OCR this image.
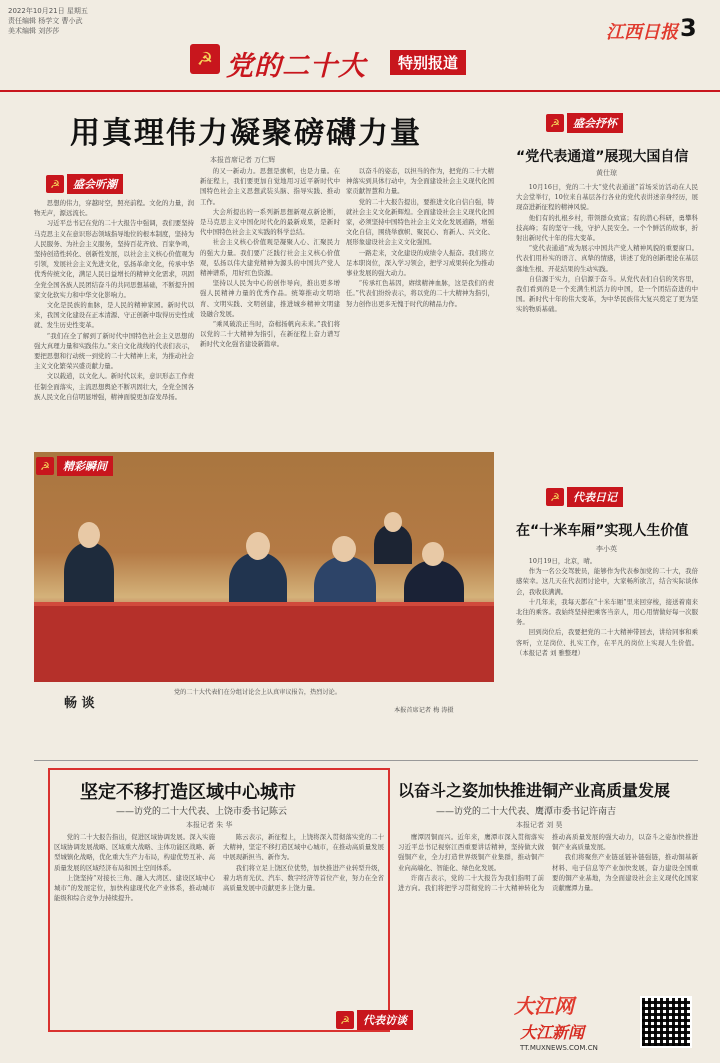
2022年10月21日 星期五
责任编辑 杨学文 曹小武
美术编辑 刘莎莎
☭ 党的二十大	特别报道
江西日报 3
用真理伟力凝聚磅礴力量
本报首席记者 万仁辉
☭	盛会听潮

思想的伟力，穿越时空，照亮前程。文化的力量，润物无声，源远流长。

习近平总书记在党的二十大报告中强调，我们要坚持马克思主义在意识形态领域指导地位的根本制度，坚持为人民服务、为社会主义服务，坚持百花齐放、百家争鸣，坚持创造性转化、创新性发展，以社会主义核心价值观为引领，发展社会主义先进文化，弘扬革命文化，传承中华优秀传统文化，满足人民日益增长的精神文化需求，巩固全党全国各族人民团结奋斗的共同思想基础，不断提升国家文化软实力和中华文化影响力。

文化是民族的血脉，是人民的精神家园。新时代以来，我国文化建设在正本清源、守正创新中取得历史性成就、发生历史性变革。

“我们在全了解到了新时代中国特色社会主义思想的强大真理力量和实践伟力。”来自文化战线的代表们表示，要把思想和行动统一到党的二十大精神上来，为推动社会主义文化繁荣兴盛贡献力量。

文以载道，以文化人。新时代以来，意识形态工作责任制全面落实，主流思想舆论不断巩固壮大，全党全国各族人民文化自信明显增强，精神面貌更加奋发昂扬。

的又一新动力。思想是旗帜，也是力量。在新征程上，我们要更加自觉地用习近平新时代中国特色社会主义思想武装头脑、指导实践、推动工作。

大会所提出的一系列新思想新观点新论断，是马克思主义中国化时代化的最新成果，是新时代中国特色社会主义实践的科学总结。

社会主义核心价值观是凝聚人心、汇聚民力的强大力量。我们要广泛践行社会主义核心价值观，弘扬以伟大建党精神为源头的中国共产党人精神谱系，用好红色资源。

坚持以人民为中心的创作导向，推出更多增强人民精神力量的优秀作品。统筹推动文明培育、文明实践、文明创建，推进城乡精神文明建设融合发展。

“乘风破浪正当时，奋楫扬帆向未来。”我们将以党的二十大精神为指引，在新征程上奋力谱写新时代文化强省建设新篇章。

以奋斗的姿态，以担当的作为，把党的二十大精神落实到具体行动中，为全面建设社会主义现代化国家贡献智慧和力量。

党的二十大报告提出，要推进文化自信自强，铸就社会主义文化新辉煌。全面建设社会主义现代化国家，必须坚持中国特色社会主义文化发展道路，增强文化自信，围绕举旗帜、聚民心、育新人、兴文化、展形象建设社会主义文化强国。

一路走来，文化建设的成绩令人振奋。我们将立足本职岗位，深入学习领会，把学习成果转化为推动事业发展的强大动力。

“传承红色基因，赓续精神血脉，这是我们的责任。”代表们纷纷表示，将以党的二十大精神为指引，努力创作出更多无愧于时代的精品力作。

☭	盛会抒怀
“党代表通道”展现大国自信
黄仕琼

10月16日，党的二十大“党代表通道”首场采访活动在人民大会堂举行，10位来自基层各行各业的党代表讲述亲身经历，展现奋进新征程的精神风貌。

他们有的扎根乡村，带领群众致富；有的潜心科研，勇攀科技高峰；有的坚守一线，守护人民安全。一个个鲜活的故事，折射出新时代十年的伟大变革。

“党代表通道”成为展示中国共产党人精神风貌的重要窗口。代表们用朴实的语言、真挚的情感，讲述了党的创新理论在基层落地生根、开花结果的生动实践。

自信源于实力，自信源于奋斗。从党代表们自信的笑容里，我们看到的是一个充满生机活力的中国，是一个团结奋进的中国。新时代十年的伟大变革，为中华民族伟大复兴奠定了更为坚实的物质基础。

☭	代表日记
在“十米车厢”实现人生价值
李小英

10月19日，北京，晴。

作为一名公交驾驶员，能够作为代表参加党的二十大，我倍感荣幸。这几天在代表团讨论中，大家畅所欲言，结合实际谈体会，我收获满满。

十几年来，我每天都在“十米车厢”里来回穿梭，接送着南来北往的乘客。我始终坚持把乘客当亲人，用心用情做好每一次服务。

回到岗位后，我要把党的二十大精神带回去，讲给同事和乘客听，立足岗位、扎实工作，在平凡的岗位上实现人生价值。（本报记者 刘 雅整理）

☭	精彩瞬间
畅 谈
党的二十大代表们在分组讨论会上认真审议报告，热烈讨论。
本报首席记者 梅 涛摄
坚定不移打造区域中心城市
——访党的二十大代表、上饶市委书记陈云
本报记者 朱 华

党的二十大报告指出，促进区域协调发展。深入实施区域协调发展战略、区域重大战略、主体功能区战略、新型城镇化战略，优化重大生产力布局，构建优势互补、高质量发展的区域经济布局和国土空间体系。

上饶坚持“对接长三角、融入大湾区、建设区域中心城市”的发展定位，加快构建现代化产业体系，推动城市能级和综合竞争力持续提升。

陈云表示，新征程上，上饶将深入贯彻落实党的二十大精神，坚定不移打造区域中心城市，在推动高质量发展中展现新担当、新作为。

我们将立足上饶区位优势，加快推进产业转型升级，着力培育光伏、汽车、数字经济等首位产业，努力在全省高质量发展中贡献更多上饶力量。

☭	代表访谈
以奋斗之姿加快推进铜产业高质量发展
——访党的二十大代表、鹰潭市委书记许南吉
本报记者 刘 昊

鹰潭因铜而兴。近年来，鹰潭市深入贯彻落实习近平总书记视察江西重要讲话精神，坚持做大做强铜产业，全力打造世界级铜产业集群，推动铜产业向高端化、智能化、绿色化发展。

许南吉表示，党的二十大报告为我们指明了前进方向。我们将把学习贯彻党的二十大精神转化为推动高质量发展的强大动力，以奋斗之姿加快推进铜产业高质量发展。

我们将聚焦产业链延链补链强链，推动铜基新材料、电子信息等产业加快发展，奋力建设全国重要的铜产业基地，为全面建设社会主义现代化国家贡献鹰潭力量。

大江网
大江新闻
TT.MUXNEWS.COM.CN
